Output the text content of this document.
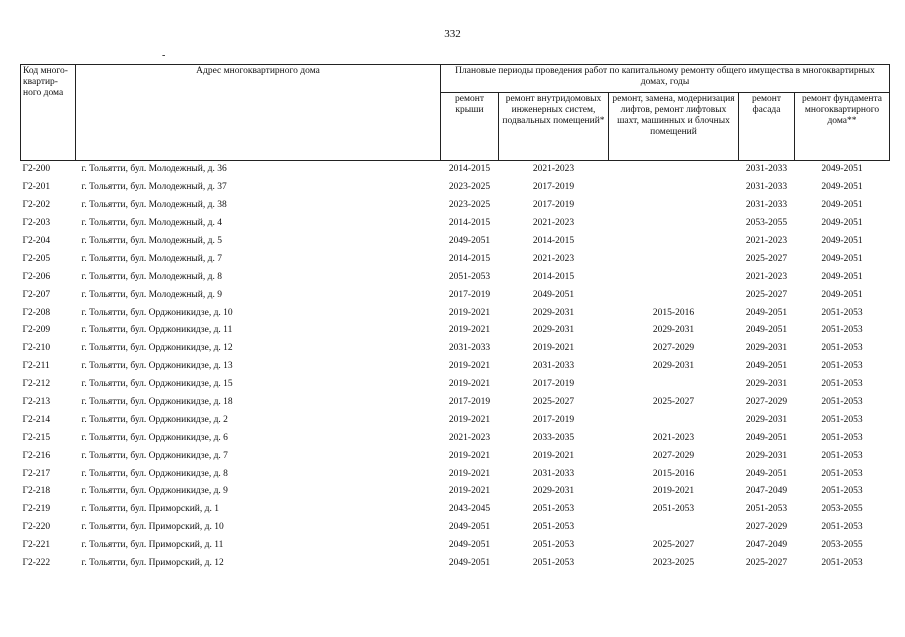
332
-
Код много-квартир-ного дома	Адрес многоквартирного дома	Плановые периоды проведения работ по капитальному ремонту общего имущества в многоквартирных домах, годы				
		ремонт крыши	ремонт внутридомовых инженерных систем, подвальных помещений*	ремонт, замена, модернизация лифтов, ремонт лифтовых шахт, машинных и блочных помещений	ремонт фасада	ремонт фундамента многоквартирного дома**
Г2-200	г. Тольятти, бул. Молодежный, д. 36	2014-2015	2021-2023		2031-2033	2049-2051
Г2-201	г. Тольятти, бул. Молодежный, д. 37	2023-2025	2017-2019		2031-2033	2049-2051
Г2-202	г. Тольятти, бул. Молодежный, д. 38	2023-2025	2017-2019		2031-2033	2049-2051
Г2-203	г. Тольятти, бул. Молодежный, д. 4	2014-2015	2021-2023		2053-2055	2049-2051
Г2-204	г. Тольятти, бул. Молодежный, д. 5	2049-2051	2014-2015		2021-2023	2049-2051
Г2-205	г. Тольятти, бул. Молодежный, д. 7	2014-2015	2021-2023		2025-2027	2049-2051
Г2-206	г. Тольятти, бул. Молодежный, д. 8	2051-2053	2014-2015		2021-2023	2049-2051
Г2-207	г. Тольятти, бул. Молодежный, д. 9	2017-2019	2049-2051		2025-2027	2049-2051
Г2-208	г. Тольятти, бул. Орджоникидзе, д. 10	2019-2021	2029-2031	2015-2016	2049-2051	2051-2053
Г2-209	г. Тольятти, бул. Орджоникидзе, д. 11	2019-2021	2029-2031	2029-2031	2049-2051	2051-2053
Г2-210	г. Тольятти, бул. Орджоникидзе, д. 12	2031-2033	2019-2021	2027-2029	2029-2031	2051-2053
Г2-211	г. Тольятти, бул. Орджоникидзе, д. 13	2019-2021	2031-2033	2029-2031	2049-2051	2051-2053
Г2-212	г. Тольятти, бул. Орджоникидзе, д. 15	2019-2021	2017-2019		2029-2031	2051-2053
Г2-213	г. Тольятти, бул. Орджоникидзе, д. 18	2017-2019	2025-2027	2025-2027	2027-2029	2051-2053
Г2-214	г. Тольятти, бул. Орджоникидзе, д. 2	2019-2021	2017-2019		2029-2031	2051-2053
Г2-215	г. Тольятти, бул. Орджоникидзе, д. 6	2021-2023	2033-2035	2021-2023	2049-2051	2051-2053
Г2-216	г. Тольятти, бул. Орджоникидзе, д. 7	2019-2021	2019-2021	2027-2029	2029-2031	2051-2053
Г2-217	г. Тольятти, бул. Орджоникидзе, д. 8	2019-2021	2031-2033	2015-2016	2049-2051	2051-2053
Г2-218	г. Тольятти, бул. Орджоникидзе, д. 9	2019-2021	2029-2031	2019-2021	2047-2049	2051-2053
Г2-219	г. Тольятти, бул. Приморский, д. 1	2043-2045	2051-2053	2051-2053	2051-2053	2053-2055
Г2-220	г. Тольятти, бул. Приморский, д. 10	2049-2051	2051-2053		2027-2029	2051-2053
Г2-221	г. Тольятти, бул. Приморский, д. 11	2049-2051	2051-2053	2025-2027	2047-2049	2053-2055
Г2-222	г. Тольятти, бул. Приморский, д. 12	2049-2051	2051-2053	2023-2025	2025-2027	2051-2053
